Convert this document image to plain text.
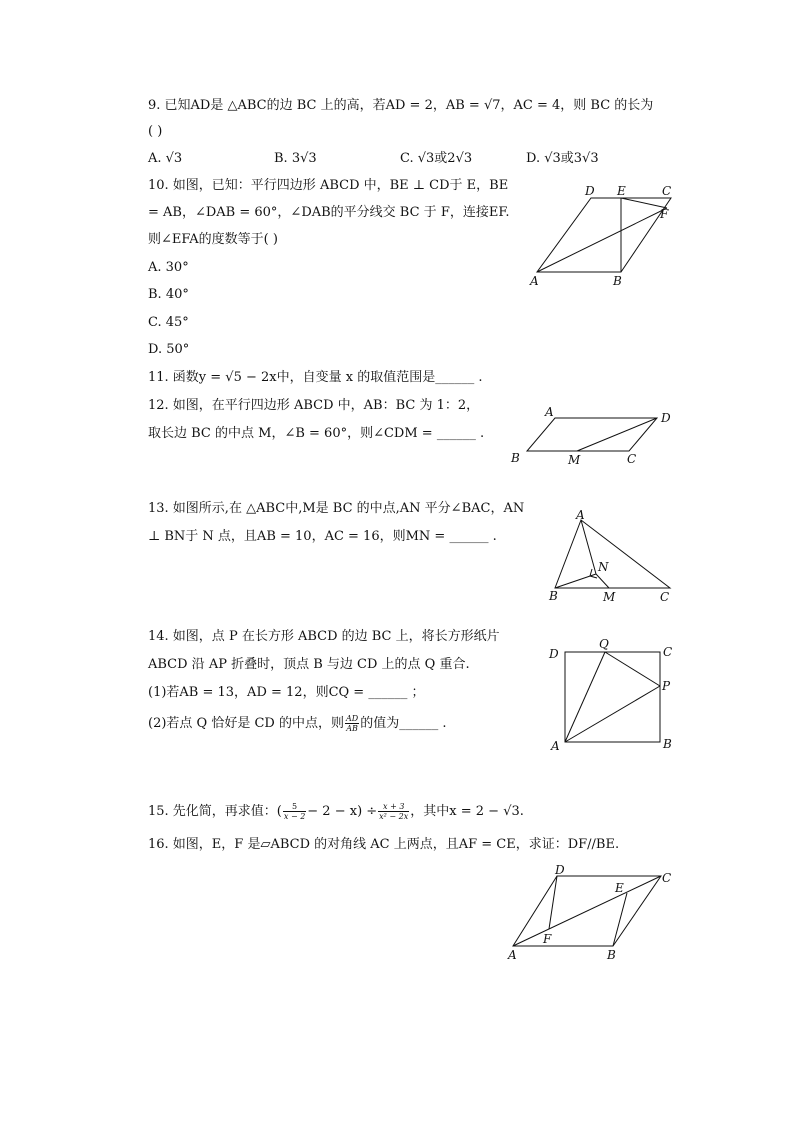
9. 已知AD是 △ABC的边 BC 上的高，若AD = 2，AB = √7，AC = 4，则 BC 的长为
( )
A. √3	B. 3√3	C. √3或2√3	D. √3或3√3
10. 如图，已知：平行四边形 ABCD 中，BE ⊥ CD于 E，BE
= AB，∠DAB = 60°，∠DAB的平分线交 BC 于 F，连接EF.
则∠EFA的度数等于( )
A. 30°
B. 40°
C. 45°
D. 50°
D E	C
F
A	B
11. 函数y = √5 − 2x中，自变量 x 的取值范围是______ .
12. 如图，在平行四边形 ABCD 中，AB：BC 为 1：2，
取长边 BC 的中点 M，∠B = 60°，则∠CDM = ______ .
A	D
B	M	C
13. 如图所示,在 △ABC中,M是 BC 的中点,AN 平分∠BAC，AN
⊥ BN于 N 点，且AB = 10，AC = 16，则MN = ______ .
A
N
B	M	C
14. 如图，点 P 在长方形 ABCD 的边 BC 上，将长方形纸片
ABCD 沿 AP 折叠时，顶点 B 与边 CD 上的点 Q 重合.
(1)若AB = 13，AD = 12，则CQ = ______ ；
(2)若点 Q 恰好是 CD 的中点，则 $\frac{AD}{AB}$ 的值为______ .
Q
C
D
P
A	B
15. 先化简，再求值：( $\frac{5}{x - 2} - 2 - x) \div \frac{x + 3}{\text{x² − 2x}}$ ，其中x = 2 − √3.
16. 如图，E，F 是▱ABCD 的对角线 AC 上两点，且AF = CE，求证：DF//BE.
D
E
C
F
A	B
